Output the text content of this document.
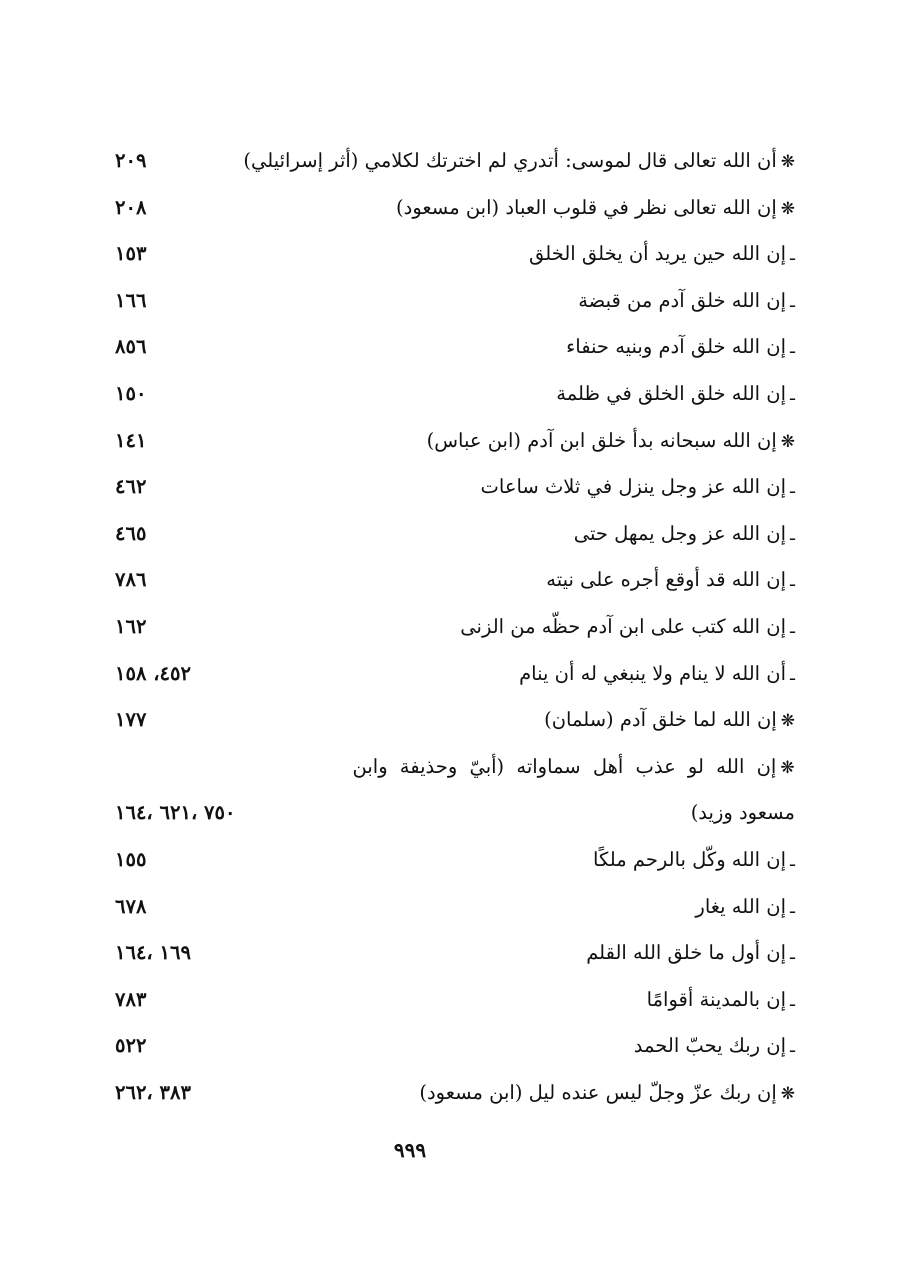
❋أن الله تعالى قال لموسى: أتدري لم اخترتك لكلامي (أثر إسرائيلي)
٢٠٩
❋إن الله تعالى نظر في قلوب العباد (ابن مسعود)
٢٠٨
ـإن الله حين يريد أن يخلق الخلق
١٥٣
ـإن الله خلق آدم من قبضة
١٦٦
ـإن الله خلق آدم وبنيه حنفاء
٨٥٦
ـإن الله خلق الخلق في ظلمة
١٥٠
❋إن الله سبحانه بدأ خلق ابن آدم (ابن عباس)
١٤١
ـإن الله عز وجل ينزل في ثلاث ساعات
٤٦٢
ـإن الله عز وجل يمهل حتى
٤٦٥
ـإن الله قد أوقع أجره على نيته
٧٨٦
ـإن الله كتب على ابن آدم حظّه من الزنى
١٦٢
ـأن الله لا ينام ولا ينبغي له أن ينام
٤٥٢، ١٥٨
❋إن الله لما خلق آدم (سلمان)
١٧٧
❋إن الله لو عذب أهل سماواته (أبيّ وحذيفة وابن
مسعود وزيد)
٧٥٠ ،٦٢١ ،١٦٤
ـإن الله وكّل بالرحم ملكًا
١٥٥
ـإن الله يغار
٦٧٨
ـإن أول ما خلق الله القلم
١٦٩ ،١٦٤
ـإن بالمدينة أقوامًا
٧٨٣
ـإن ربك يحبّ الحمد
٥٢٢
❋إن ربك عزّ وجلّ ليس عنده ليل (ابن مسعود)
٣٨٣ ،٢٦٢
٩٩٩
